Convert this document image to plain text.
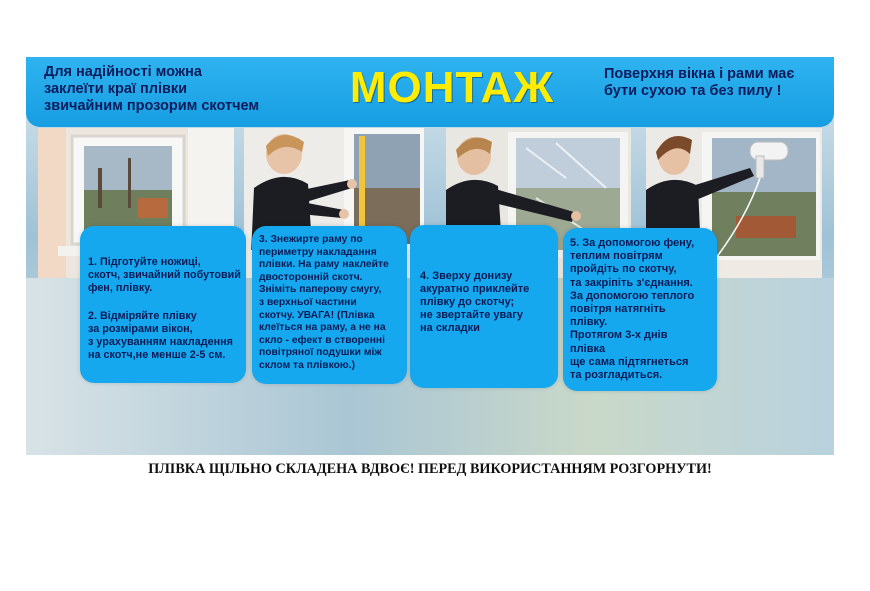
Для надійності можна
заклеїти краї плівки
звичайним прозорим скотчем	МОНТАЖ	Поверхня вікна і рами має
бути сухою та без пилу !

1. Підготуйте ножиці,
скотч, звичайний побутовий
фен, плівку.

2. Відміряйте плівку
за розмірами вікон,
з урахуванням накладення
на скотч,не менше 2-5 см.

3. Знежирте раму по
периметру накладання
плівки. На раму наклейте
двосторонній скотч.
Зніміть паперову смугу,
з верхньої частини
скотчу. УВАГА! (Плівка
клеїться на раму, а не на
скло - ефект в створенні
повітряної подушки між
склом та плівкою.)

4. Зверху донизу
акуратно приклейте
плівку до скотчу;
не звертайте увагу
на складки

5. За допомогою фену,
теплим повітрям
пройдіть по скотчу,
та закріпіть з'єднання.
За допомогою теплого
повітря натягніть
плівку.
Протягом 3-х днів
плівка
ще сама підтягнеться
та розгладиться.

ПЛІВКА ЩІЛЬНО СКЛАДЕНА ВДВОЄ! ПЕРЕД ВИКОРИСТАННЯМ РОЗГОРНУТИ!
